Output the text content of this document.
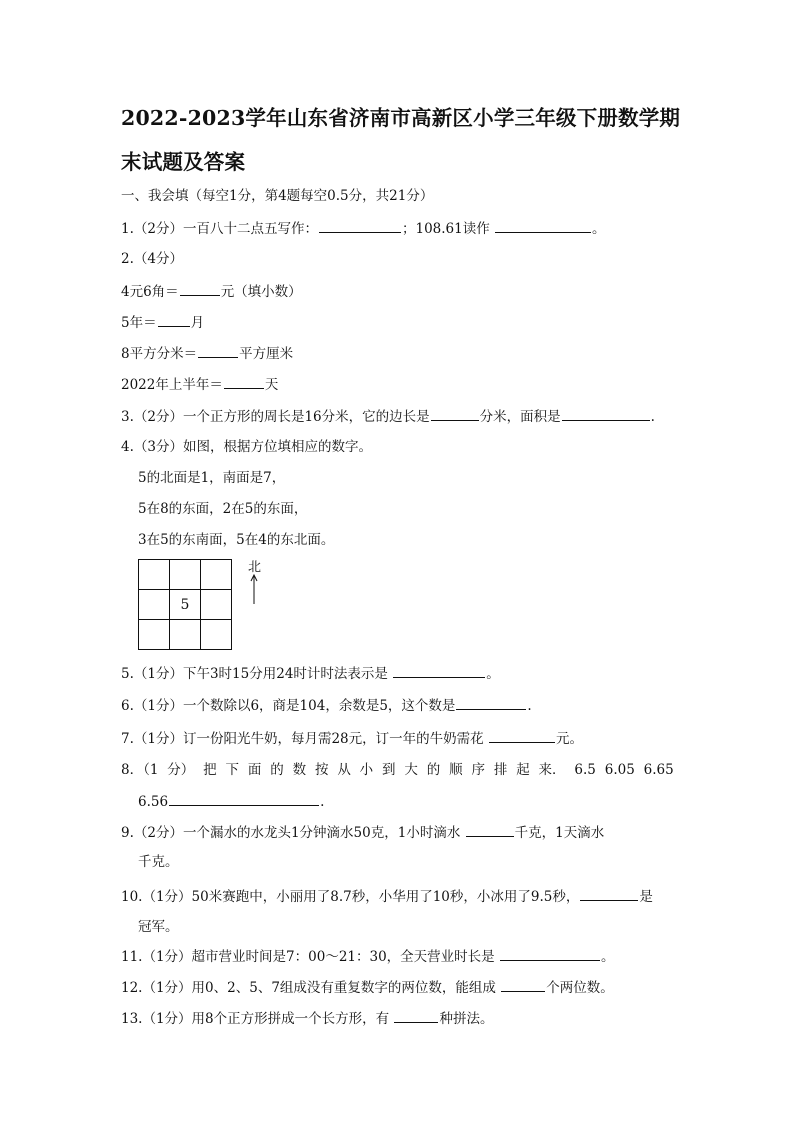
2022-2023学年山东省济南市高新区小学三年级下册数学期末试题及答案
一、我会填（每空1分，第4题每空0.5分，共21分）
1.（2分）一百八十二点五写作：	；108.61读作	。
2.（4分）
4元6角＝	元（填小数）
5年＝	月
8平方分米＝	平方厘米
2022年上半年＝	天
3.（2分）一个正方形的周长是16分米，它的边长是	分米，面积是	.
4.（3分）如图，根据方位填相应的数字。
5的北面是1，南面是7，
5在8的东面，2在5的东面，
3在5的东南面，5在4的东北面。

	5	

北
5.（1分）下午3时15分用24时计时法表示是	。
6.（1分）一个数除以6，商是104，余数是5，这个数是	.
7.（1分）订一份阳光牛奶，每月需28元，订一年的牛奶需花	元。
8．（1 分） 把 下 面 的 数 按 从 小 到 大 的 顺 序 排 起 来． 6.5 6.05 6.65
6.56	.
9.（2分）一个漏水的水龙头1分钟滴水50克，1小时滴水	千克，1天滴水
千克。
10.（1分）50米赛跑中，小丽用了8.7秒，小华用了10秒，小冰用了9.5秒，	是
冠军。
11.（1分）超市营业时间是7：00～21：30，全天营业时长是	。
12.（1分）用0、2、5、7组成没有重复数字的两位数，能组成	个两位数。
13.（1分）用8个正方形拼成一个长方形，有	种拼法。
